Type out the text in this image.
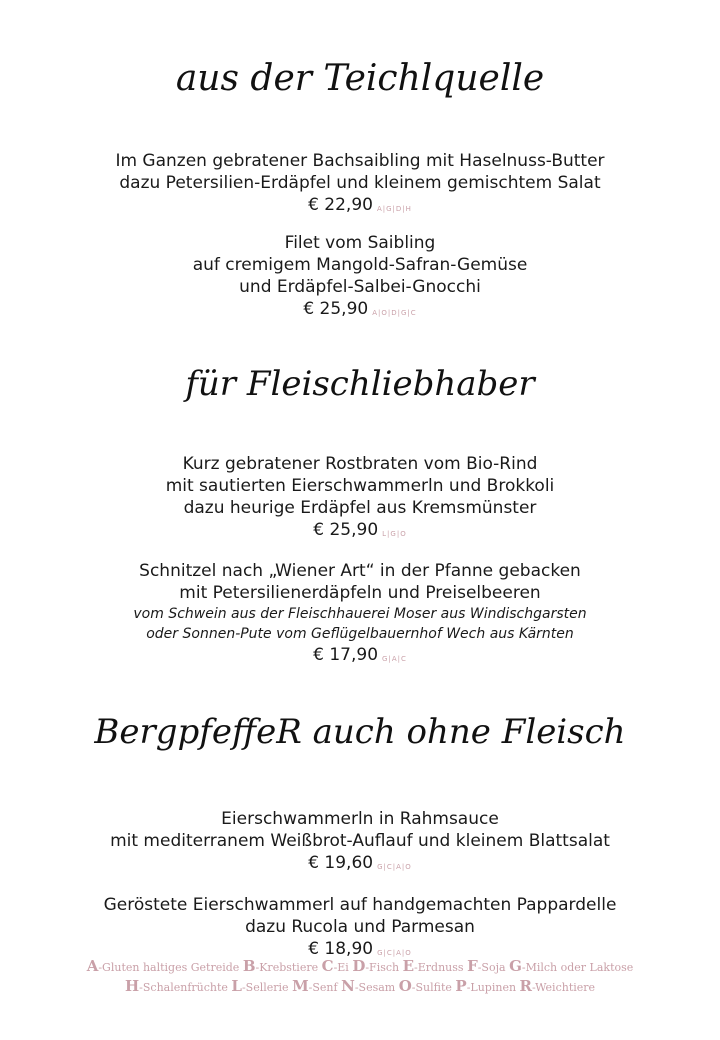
aus der Teichlquelle
Im Ganzen gebratener Bachsaibling mit Haselnuss-Butter
dazu Petersilien-Erdäpfel und kleinem gemischtem Salat
€ 22,90 A|G|D|H
Filet vom Saibling
auf cremigem Mangold-Safran-Gemüse
und Erdäpfel-Salbei-Gnocchi
€ 25,90 A|O|D|G|C
für Fleischliebhaber
Kurz gebratener Rostbraten vom Bio-Rind
mit sautierten Eierschwammerln und Brokkoli
dazu heurige Erdäpfel aus Kremsmünster
€ 25,90 L|G|O
Schnitzel nach „Wiener Art“ in der Pfanne gebacken
mit Petersilienerdäpfeln und Preiselbeeren
vom Schwein aus der Fleischhauerei Moser aus Windischgarsten
oder Sonnen-Pute vom Geflügelbauernhof Wech aus Kärnten
€ 17,90 G|A|C
BergpfeffeR auch ohne Fleisch
Eierschwammerln in Rahmsauce
mit mediterranem Weißbrot-Auflauf und kleinem Blattsalat
€ 19,60 G|C|A|O
Geröstete Eierschwammerl auf handgemachten Pappardelle
dazu Rucola und Parmesan
€ 18,90 G|C|A|O
A-Gluten haltiges Getreide B-Krebstiere C-Ei D-Fisch E-Erdnuss F-Soja G-Milch oder Laktose
H-Schalenfrüchte L-Sellerie M-Senf N-Sesam O-Sulfite P-Lupinen R-Weichtiere
